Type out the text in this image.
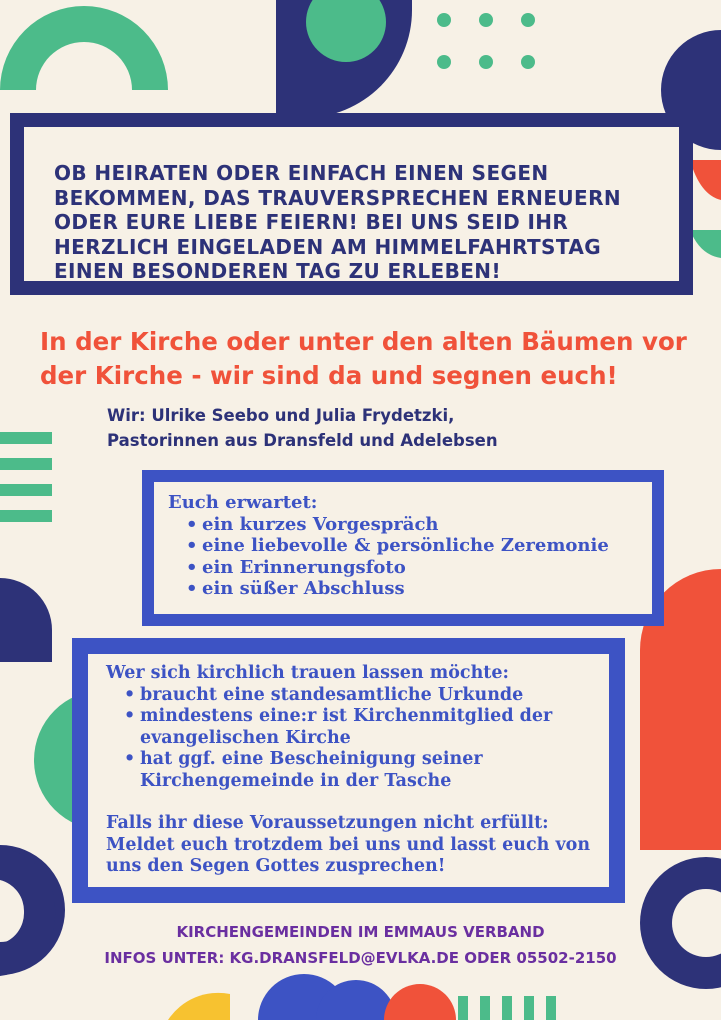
OB HEIRATEN ODER EINFACH EINEN SEGEN BEKOMMEN, DAS TRAUVERSPRECHEN ERNEUERN ODER EURE LIEBE FEIERN! BEI UNS SEID IHR HERZLICH EINGELADEN AM HIMMELFAHRTSTAG EINEN BESONDEREN TAG ZU ERLEBEN!

In der Kirche oder unter den alten Bäumen vor der Kirche - wir sind da und segnen euch!

Wir: Ulrike Seebo und Julia Frydetzki,
Pastorinnen aus Dransfeld und Adelebsen
Euch erwartet:
• ein kurzes Vorgespräch
• eine liebevolle & persönliche Zeremonie
• ein Erinnerungsfoto
• ein süßer Abschluss
Wer sich kirchlich trauen lassen möchte:
• braucht eine standesamtliche Urkunde
• mindestens eine:r ist Kirchenmitglied der evangelischen Kirche
• hat ggf. eine Bescheinigung seiner Kirchengemeinde in der Tasche
Falls ihr diese Voraussetzungen nicht erfüllt: Meldet euch trotzdem bei uns und lasst euch von uns den Segen Gottes zusprechen!
KIRCHENGEMEINDEN IM EMMAUS VERBAND
INFOS UNTER: KG.DRANSFELD@EVLKA.DE ODER 05502-2150
